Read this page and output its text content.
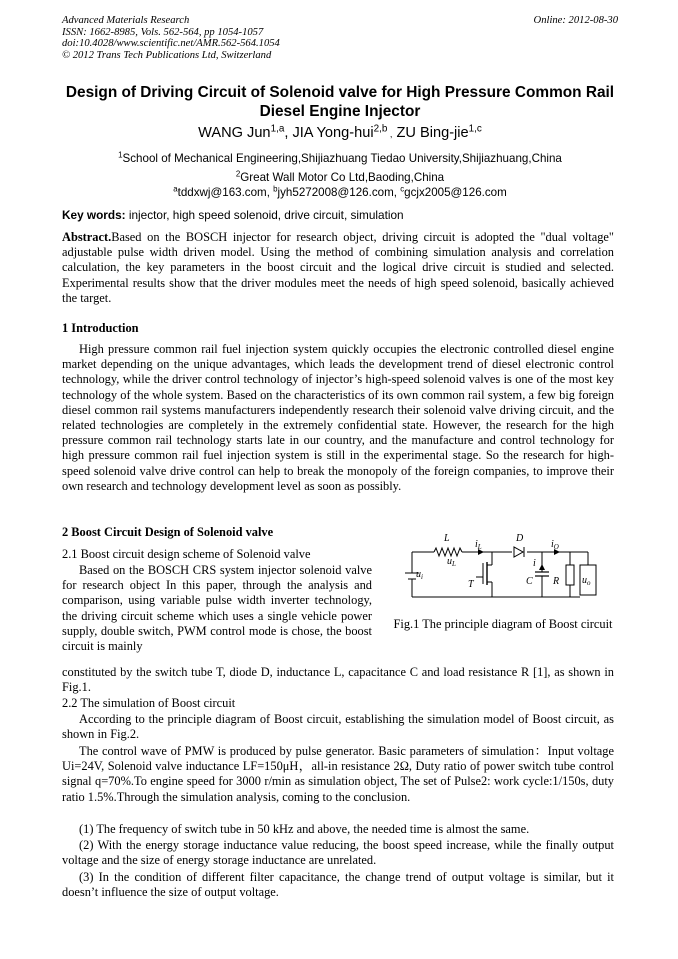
Advanced Materials Research
ISSN: 1662-8985, Vols. 562-564, pp 1054-1057
doi:10.4028/www.scientific.net/AMR.562-564.1054
© 2012 Trans Tech Publications Ltd, Switzerland
Online: 2012-08-30
Design of Driving Circuit of Solenoid valve for High Pressure Common Rail Diesel Engine Injector
WANG Jun$^{1,a}$, JIA Yong-hui$^{2,b}$ , ZU Bing-jie$^{1,c}$
$^1$School of Mechanical Engineering,Shijiazhuang Tiedao University,Shijiazhuang,China
$^2$Great Wall Motor Co Ltd,Baoding,China
$^a$tddxwj@163.com, $^b$jyh5272008@126.com, $^c$gcjx2005@126.com
Key words: injector, high speed solenoid, drive circuit, simulation

Abstract.Based on the BOSCH injector for research object, driving circuit is adopted the "dual voltage" adjustable pulse width driven model. Using the method of combining simulation analysis and correlation calculation, the key parameters in the boost circuit and the logical drive circuit is studied and selected. Experimental results show that the driver modules meet the needs of high speed solenoid, basically achieved the target.

1 Introduction

High pressure common rail fuel injection system quickly occupies the electronic controlled diesel engine market depending on the unique advantages, which leads the development trend of diesel electronic control technology, while the driver control technology of injector’s high-speed solenoid valves is one of the most key technology of the whole system. Based on the characteristics of its own common rail system, a few big foreign diesel common rail systems manufacturers independently research their solenoid valve driving circuit, and the related technologies are completely in the extremely confidential state. However, the research for the high pressure common rail technology starts late in our country, and the manufacture and control technology for high pressure common rail fuel injection system is still in the experimental stage. So the research for high-speed solenoid valve drive control can help to break the monopoly of the foreign companies, to improve their own research and technology development level as soon as possibly.

2 Boost Circuit Design of Solenoid valve
2.1 Boost circuit design scheme of Solenoid valve

Based on the BOSCH CRS system injector solenoid valve for research object In this paper, through the analysis and comparison, using variable pulse width inverter technology, the driving circuit scheme which uses a single vehicle power supply, double switch, PWM control mode is chose, the boost circuit is mainly

L	D
T	C R
$i_L$
$u_L$
$i_O$
i
$u_i$	$u_o$
Fig.1 The principle diagram of Boost circuit

constituted by the switch tube T, diode D, inductance L, capacitance C and load resistance R [1], as shown in Fig.1.

2.2 The simulation of Boost circuit

According to the principle diagram of Boost circuit, establishing the simulation model of Boost circuit, as shown in Fig.2.

The control wave of PMW is produced by pulse generator. Basic parameters of simulation：Input voltage Ui=24V, Solenoid valve inductance LF=150μH，all-in resistance 2Ω, Duty ratio of power switch tube control signal q=70%.To engine speed for 3000 r/min as simulation object, The set of Pulse2: work cycle:1/150s, duty ratio 1.5%.Through the simulation analysis, coming to the conclusion.

(1) The frequency of switch tube in 50 kHz and above, the needed time is almost the same.

(2) With the energy storage inductance value reducing, the boost speed increase, while the finally output voltage and the size of energy storage inductance are unrelated.

(3) In the condition of different filter capacitance, the change trend of output voltage is similar, but it doesn’t influence the size of output voltage.
